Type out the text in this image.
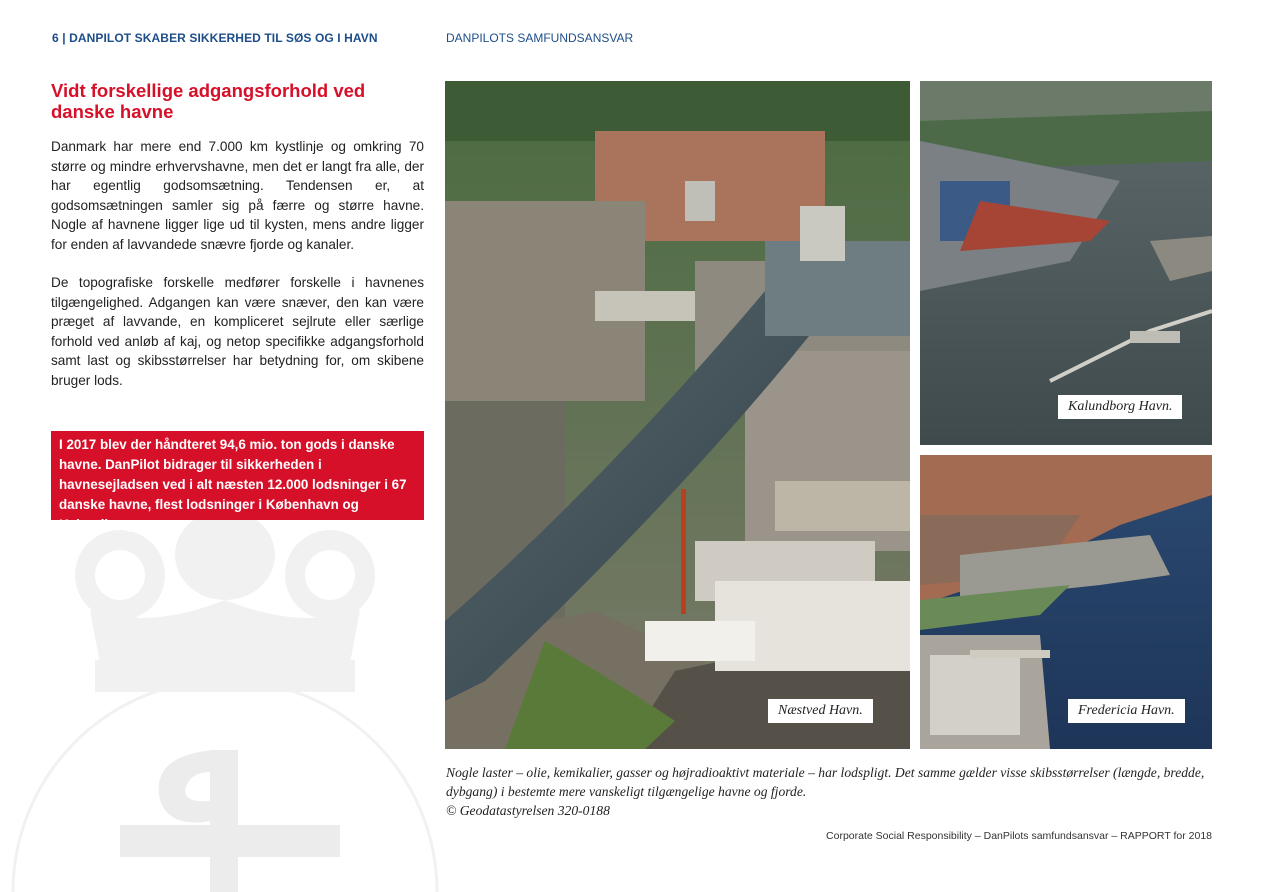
6 | DANPILOT SKABER SIKKERHED TIL SØS OG I HAVN	DANPILOTS SAMFUNDSANSVAR
Vidt forskellige adgangsforhold ved danske havne

Danmark har mere end 7.000 km kystlinje og omkring 70 større og mindre erhvervshavne, men det er langt fra alle, der har egentlig godsomsætning. Tendensen er, at godsomsætningen samler sig på færre og større havne. Nogle af havnene ligger lige ud til kysten, mens andre ligger for enden af lavvandede snævre fjorde og kanaler.

De topografiske forskelle medfører forskelle i havnenes tilgængelighed. Adgangen kan være snæver, den kan være præget af lavvande, en kompliceret sejlrute eller særlige forhold ved anløb af kaj, og netop specifikke adgangsforhold samt last og skibsstørrelser har betydning for, om skibene bruger lods.

I 2017 blev der håndteret 94,6 mio. ton gods i danske havne. DanPilot bidrager til sikkerheden i havnesejladsen ved i alt næsten 12.000 lodsninger i 67 danske havne, flest lodsninger i København og Kalundborg.
Næstved Havn.
Kalundborg Havn.
Fredericia Havn.
Nogle laster – olie, kemikalier, gasser og højradioaktivt materiale – har lodspligt. Det samme gælder visse skibsstørrelser (længde, bredde, dybgang) i bestemte mere vanskeligt tilgængelige havne og fjorde.
© Geodatastyrelsen 320-0188
Corporate Social Responsibility – DanPilots samfundsansvar – RAPPORT for 2018
